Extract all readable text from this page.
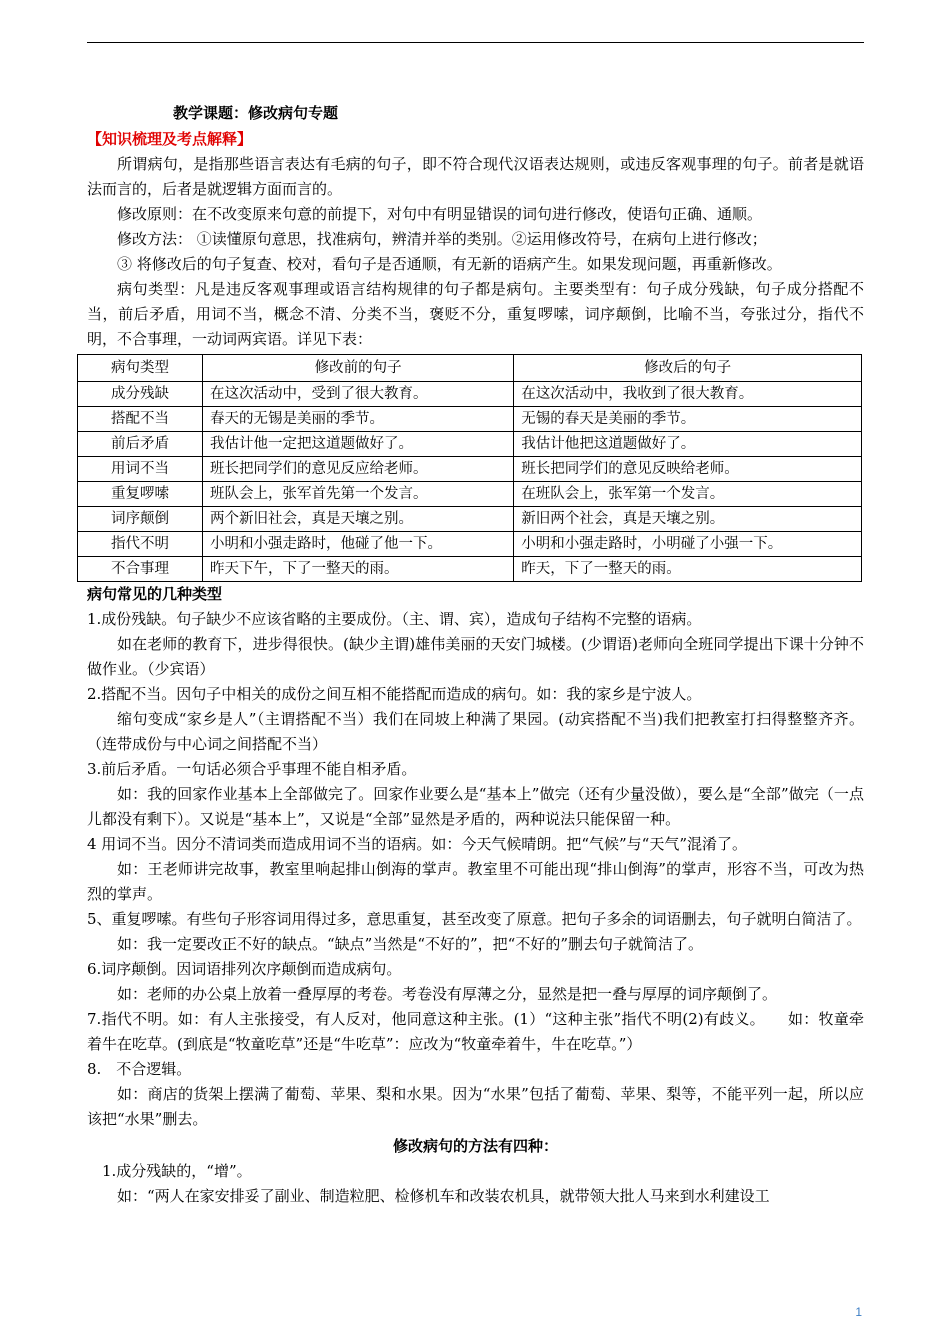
教学课题：修改病句专题
【知识梳理及考点解释】
所谓病句，是指那些语言表达有毛病的句子，即不符合现代汉语表达规则，或违反客观事理的句子。前者是就语法而言的，后者是就逻辑方面而言的。
修改原则：在不改变原来句意的前提下，对句中有明显错误的词句进行修改，使语句正确、通顺。
修改方法： ①读懂原句意思，找准病句，辨清并举的类别。②运用修改符号，在病句上进行修改；
③ 将修改后的句子复查、校对，看句子是否通顺，有无新的语病产生。如果发现问题，再重新修改。
病句类型：凡是违反客观事理或语言结构规律的句子都是病句。主要类型有：句子成分残缺，句子成分搭配不当，前后矛盾，用词不当，概念不清、分类不当，褒贬不分，重复啰嗦，词序颠倒，比喻不当，夸张过分，指代不明，不合事理，一动词两宾语。详见下表：
病句类型	修改前的句子	修改后的句子
成分残缺	在这次活动中，受到了很大教育。	在这次活动中，我收到了很大教育。
搭配不当	春天的无锡是美丽的季节。	无锡的春天是美丽的季节。
前后矛盾	我估计他一定把这道题做好了。	我估计他把这道题做好了。
用词不当	班长把同学们的意见反应给老师。	班长把同学们的意见反映给老师。
重复啰嗦	班队会上，张军首先第一个发言。	在班队会上，张军第一个发言。
词序颠倒	两个新旧社会，真是天壤之别。	新旧两个社会，真是天壤之别。
指代不明	小明和小强走路时，他碰了他一下。	小明和小强走路时，小明碰了小强一下。
不合事理	昨天下午，下了一整天的雨。	昨天，下了一整天的雨。
病句常见的几种类型
1.成份残缺。句子缺少不应该省略的主要成份。（主、谓、宾），造成句子结构不完整的语病。
如在老师的教育下，进步得很快。(缺少主谓)雄伟美丽的天安门城楼。(少谓语)老师向全班同学提出下课十分钟不做作业。（少宾语）
2.搭配不当。因句子中相关的成份之间互相不能搭配而造成的病句。如：我的家乡是宁波人。
缩句变成“家乡是人”（主谓搭配不当）我们在同坡上种满了果园。(动宾搭配不当)我们把教室打扫得整整齐齐。（连带成份与中心词之间搭配不当）
3.前后矛盾。一句话必须合乎事理不能自相矛盾。
如：我的回家作业基本上全部做完了。回家作业要么是“基本上”做完（还有少量没做），要么是“全部”做完（一点儿都没有剩下）。又说是“基本上”，又说是“全部”显然是矛盾的，两种说法只能保留一种。
4 用词不当。因分不清词类而造成用词不当的语病。如：今天气候晴朗。把“气候”与“天气”混淆了。
如：王老师讲完故事，教室里响起排山倒海的掌声。教室里不可能出现“排山倒海”的掌声，形容不当，可改为热烈的掌声。
5、重复啰嗦。有些句子形容词用得过多，意思重复，甚至改变了原意。把句子多余的词语删去，句子就明白简洁了。
如：我一定要改正不好的缺点。“缺点”当然是“不好的”，把“不好的”删去句子就简洁了。
6.词序颠倒。因词语排列次序颠倒而造成病句。
如：老师的办公桌上放着一叠厚厚的考卷。考卷没有厚薄之分，显然是把一叠与厚厚的词序颠倒了。
7.指代不明。如：有人主张接受，有人反对，他同意这种主张。(1）“这种主张”指代不明(2)有歧义。　　如：牧童牵着牛在吃草。(到底是“牧童吃草”还是“牛吃草”：应改为“牧童牵着牛，牛在吃草。”）
8.　不合逻辑。
如：商店的货架上摆满了葡萄、苹果、梨和水果。因为“水果”包括了葡萄、苹果、梨等，不能平列一起，所以应该把“水果”删去。
修改病句的方法有四种：
1.成分残缺的，“增”。
如：“两人在家安排妥了副业、制造粒肥、检修机车和改装农机具，就带领大批人马来到水利建设工
1
